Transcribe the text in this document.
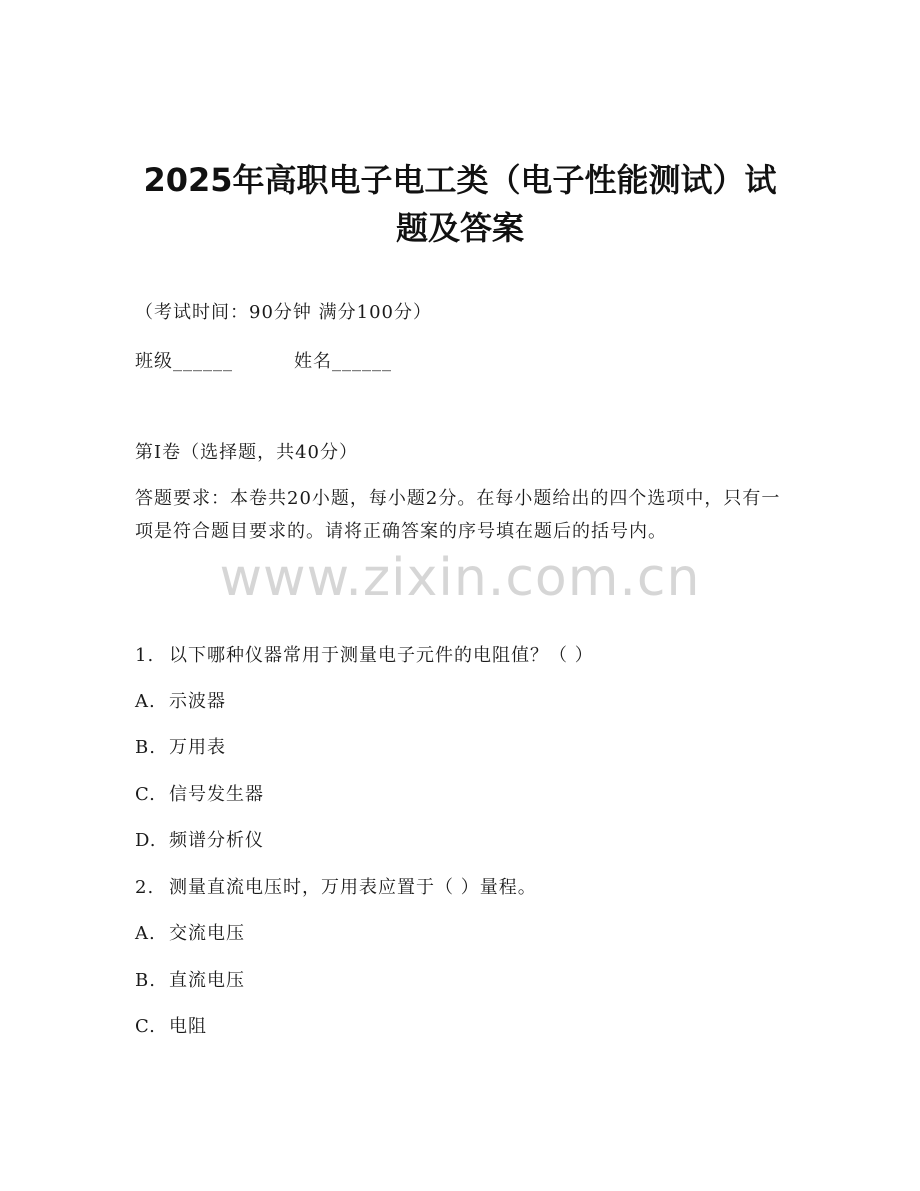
2025年高职电子电工类（电子性能测试）试
题及答案
（考试时间：90分钟 满分100分）
班级______	姓名______
第I卷（选择题，共40分）
答题要求：本卷共20小题，每小题2分。在每小题给出的四个选项中，只有一项是符合题目要求的。请将正确答案的序号填在题后的括号内。
www.zixin.com.cn
1. 以下哪种仪器常用于测量电子元件的电阻值？（ ）
A. 示波器
B. 万用表
C. 信号发生器
D. 频谱分析仪
2. 测量直流电压时，万用表应置于（ ）量程。
A. 交流电压
B. 直流电压
C. 电阻
